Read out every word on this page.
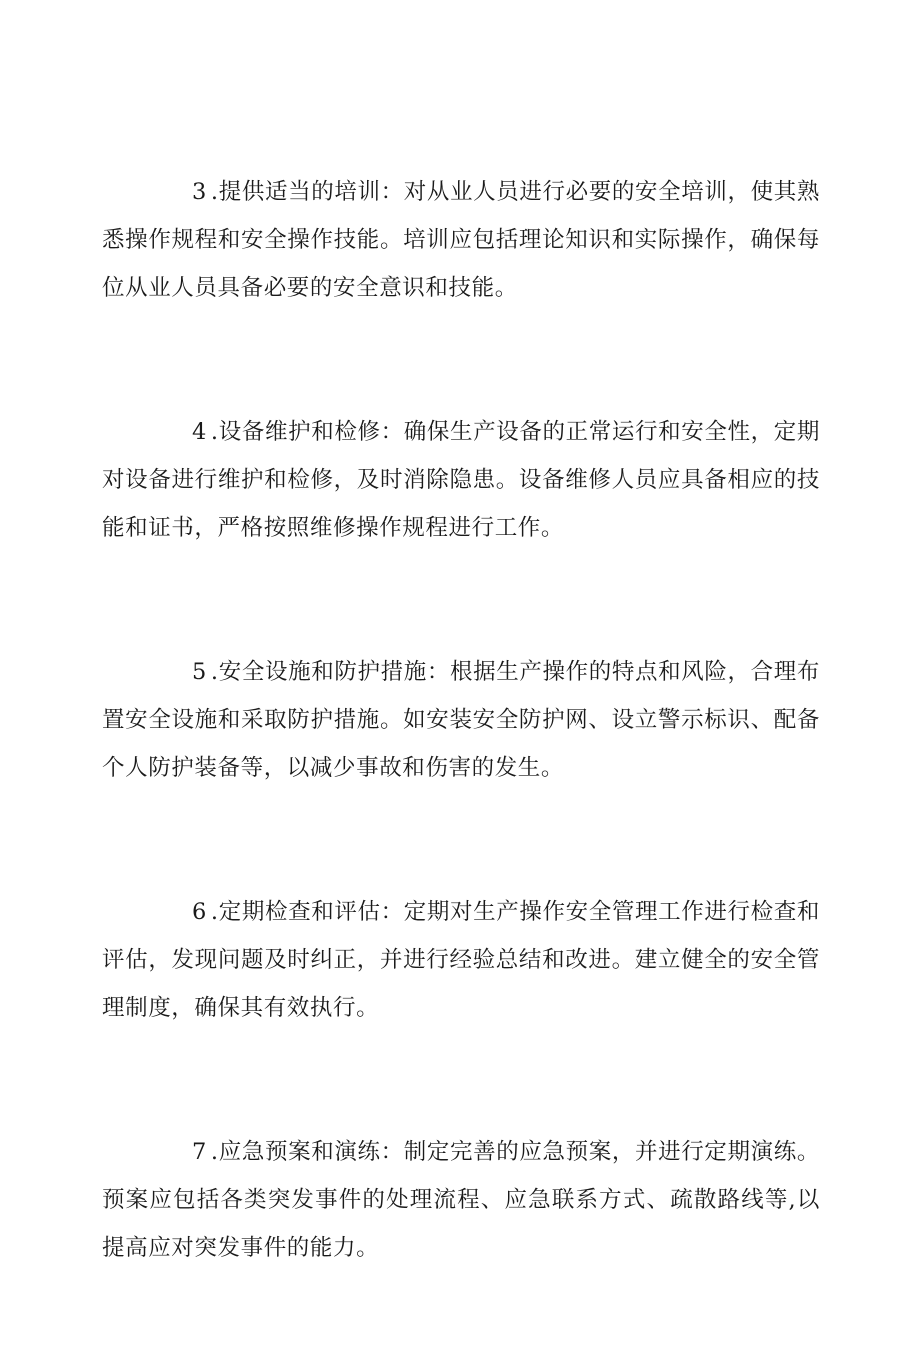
3 .提供适当的培训：对从业人员进行必要的安全培训，使其熟悉操作规程和安全操作技能。培训应包括理论知识和实际操作，确保每位从业人员具备必要的安全意识和技能。

4 .设备维护和检修：确保生产设备的正常运行和安全性，定期对设备进行维护和检修，及时消除隐患。设备维修人员应具备相应的技能和证书，严格按照维修操作规程进行工作。

5 .安全设施和防护措施：根据生产操作的特点和风险，合理布置安全设施和采取防护措施。如安装安全防护网、设立警示标识、配备个人防护装备等，以减少事故和伤害的发生。

6 .定期检查和评估：定期对生产操作安全管理工作进行检查和评估，发现问题及时纠正，并进行经验总结和改进。建立健全的安全管理制度，确保其有效执行。

7 .应急预案和演练：制定完善的应急预案，并进行定期演练。预案应包括各类突发事件的处理流程、应急联系方式、疏散路线等,以提高应对突发事件的能力。
